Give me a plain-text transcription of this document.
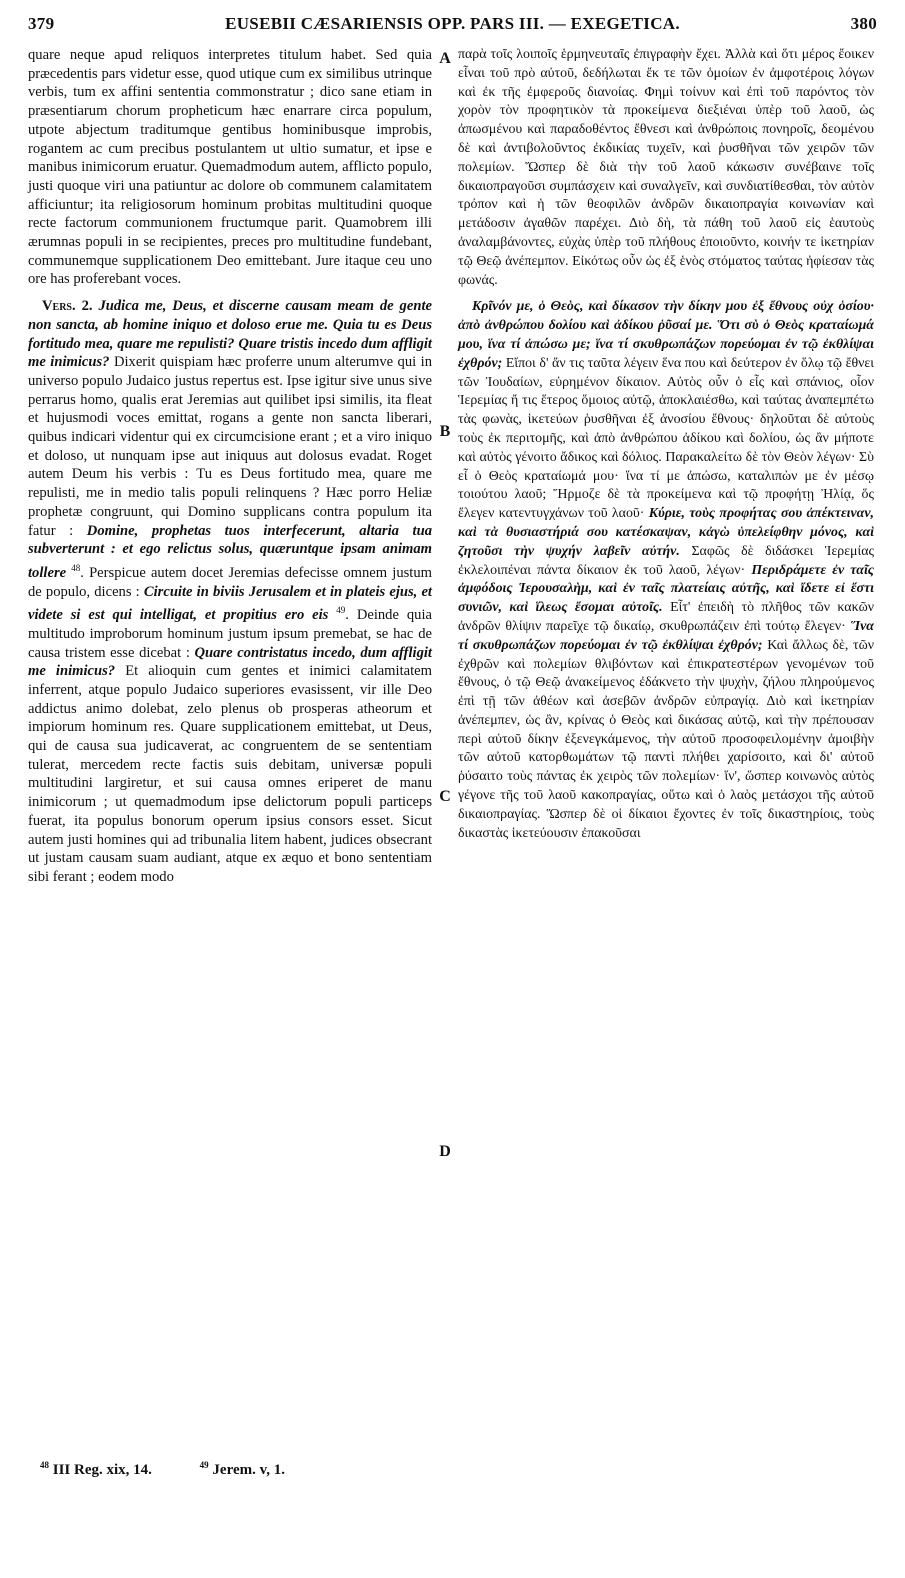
379	EUSEBII CÆSARIENSIS OPP. PARS III. — EXEGETICA.	380
A
B
C
D

quare neque apud reliquos interpretes titulum habet. Sed quia præcedentis pars videtur esse, quod utique cum ex similibus utrinque verbis, tum ex affini sententia commonstratur ; dico sane etiam in præsentiarum chorum propheticum hæc enarrare circa populum, utpote abjectum traditumque gentibus hominibusque improbis, rogantem ac cum precibus postulantem ut ultio sumatur, et ipse e manibus inimicorum eruatur. Quemadmodum autem, afflicto populo, justi quoque viri una patiuntur ac dolore ob communem calamitatem afficiuntur; ita religiosorum hominum probitas multitudini quoque recte factorum communionem fructumque parit. Quamobrem illi ærumnas populi in se recipientes, preces pro multitudine fundebant, communemque supplicationem Deo emittebant. Jure itaque ceu uno ore has proferebant voces.

Vers. 2. Judica me, Deus, et discerne causam meam de gente non sancta, ab homine iniquo et doloso erue me. Quia tu es Deus fortitudo mea, quare me repulisti? Quare tristis incedo dum affligit me inimicus? Dixerit quispiam hæc proferre unum alterumve qui in universo populo Judaico justus repertus est. Ipse igitur sive unus sive perrarus homo, qualis erat Jeremias aut quilibet ipsi similis, ita fleat et hujusmodi voces emittat, rogans a gente non sancta liberari, quibus indicari videntur qui ex circumcisione erant ; et a viro iniquo et doloso, ut nunquam ipse aut iniquus aut dolosus evadat. Roget autem Deum his verbis : Tu es Deus fortitudo mea, quare me repulisti, me in medio talis populi relinquens ? Hæc porro Heliæ prophetæ congruunt, qui Domino supplicans contra populum ita fatur : Domine, prophetas tuos interfecerunt, altaria tua subverterunt : et ego relictus solus, quæruntque ipsam animam tollere $^{48}$. Perspicue autem docet Jeremias defecisse omnem justum de populo, dicens : Circuite in biviis Jerusalem et in plateis ejus, et videte si est qui intelligat, et propitius ero eis $^{49}$. Deinde quia multitudo improborum hominum justum ipsum premebat, se hac de causa tristem esse dicebat : Quare contristatus incedo, dum affligit me inimicus? Et alioquin cum gentes et inimici calamitatem inferrent, atque populo Judaico superiores evasissent, vir ille Deo addictus animo dolebat, zelo plenus ob prosperas atheorum et impiorum hominum res. Quare supplicationem emittebat, ut Deus, qui de causa sua judicaverat, ac congruentem de se sententiam tulerat, mercedem recte factis suis debitam, universæ populi multitudini largiretur, et sui causa omnes eriperet de manu inimicorum ; ut quemadmodum ipse delictorum populi particeps fuerat, ita populus bonorum operum ipsius consors esset. Sicut autem justi homines qui ad tribunalia litem habent, judices obsecrant ut justam causam suam audiant, atque ex æquo et bono sententiam sibi ferant ; eodem modo

παρὰ τοῖς λοιποῖς ἑρμηνευταῖς ἐπιγραφὴν ἔχει. Ἀλλὰ καὶ ὅτι μέρος ἔοικεν εἶναι τοῦ πρὸ αὐτοῦ, δεδήλωται ἔκ τε τῶν ὁμοίων ἐν ἀμφοτέροις λόγων καὶ ἐκ τῆς ἐμφεροῦς διανοίας. Φημὶ τοίνυν καὶ ἐπὶ τοῦ παρόντος τὸν χορὸν τὸν προφητικὸν τὰ προκείμενα διεξιέναι ὑπὲρ τοῦ λαοῦ, ὡς ἀπωσμένου καὶ παραδοθέντος ἔθνεσι καὶ ἀνθρώποις πονηροῖς, δεομένου δὲ καὶ ἀντιβολοῦντος ἐκδικίας τυχεῖν, καὶ ῥυσθῆναι τῶν χειρῶν τῶν πολεμίων. Ὥσπερ δὲ διὰ τὴν τοῦ λαοῦ κάκωσιν συνέβαινε τοῖς δικαιοπραγοῦσι συμπάσχειν καὶ συναλγεῖν, καὶ συνδιατίθεσθαι, τὸν αὐτὸν τρόπον καὶ ἡ τῶν θεοφιλῶν ἀνδρῶν δικαιοπραγία κοινωνίαν καὶ μετάδοσιν ἀγαθῶν παρέχει. Διὸ δὴ, τὰ πάθη τοῦ λαοῦ εἰς ἑαυτοὺς ἀναλαμβάνοντες, εὐχὰς ὑπὲρ τοῦ πλήθους ἐποιοῦντο, κοινήν τε ἱκετηρίαν τῷ Θεῷ ἀνέπεμπον. Εἰκότως οὖν ὡς ἐξ ἑνὸς στόματος ταύτας ἠφίεσαν τὰς φωνάς.

Κρῖνόν με, ὁ Θεὸς, καὶ δίκασον τὴν δίκην μου ἐξ ἔθνους οὐχ ὁσίου· ἀπὸ ἀνθρώπου δολίου καὶ ἀδίκου ῥῦσαί με. Ὅτι σὺ ὁ Θεὸς κραταίωμά μου, ἵνα τί ἀπώσω με; ἵνα τί σκυθρωπάζων πορεύομαι ἐν τῷ ἐκθλίψαι ἐχθρόν; Εἴποι δ' ἄν τις ταῦτα λέγειν ἕνα που καὶ δεύτερον ἐν ὅλῳ τῷ ἔθνει τῶν Ἰουδαίων, εὑρημένον δίκαιον. Αὐτὸς οὖν ὁ εἷς καὶ σπάνιος, οἷον Ἱερεμίας ἤ τις ἕτερος ὅμοιος αὐτῷ, ἀποκλαιέσθω, καὶ ταύτας ἀναπεμπέτω τὰς φωνὰς, ἱκετεύων ῥυσθῆναι ἐξ ἀνοσίου ἔθνους· δηλοῦται δὲ αὐτοὺς τοὺς ἐκ περιτομῆς, καὶ ἀπὸ ἀνθρώπου ἀδίκου καὶ δολίου, ὡς ἂν μήποτε καὶ αὐτὸς γένοιτο ἄδικος καὶ δόλιος. Παρακαλείτω δὲ τὸν Θεὸν λέγων· Σὺ εἶ ὁ Θεὸς κραταίωμά μου· ἵνα τί με ἀπώσω, καταλιπὼν με ἐν μέσῳ τοιούτου λαοῦ; Ἥρμοζε δὲ τὰ προκείμενα καὶ τῷ προφήτῃ Ἠλίᾳ, ὅς ἔλεγεν κατεντυγχάνων τοῦ λαοῦ· Κύριε, τοὺς προφήτας σου ἀπέκτειναν, καὶ τὰ θυσιαστήριά σου κατέσκαψαν, κἀγὼ ὑπελείφθην μόνος, καὶ ζητοῦσι τὴν ψυχήν λαβεῖν αὐτήν. Σαφῶς δὲ διδάσκει Ἱερεμίας ἐκλελοιπέναι πάντα δίκαιον ἐκ τοῦ λαοῦ, λέγων· Περιδράμετε ἐν ταῖς ἀμφόδοις Ἱερουσαλὴμ, καὶ ἐν ταῖς πλατείαις αὐτῆς, καὶ ἴδετε εἰ ἔστι συνιῶν, καὶ ἵλεως ἔσομαι αὐτοῖς. Εἶτ' ἐπειδὴ τὸ πλῆθος τῶν κακῶν ἀνδρῶν θλίψιν παρεῖχε τῷ δικαίῳ, σκυθρωπάζειν ἐπὶ τούτῳ ἔλεγεν· Ἵνα τί σκυθρωπάζων πορεύομαι ἐν τῷ ἐκθλίψαι ἐχθρόν; Καὶ ἄλλως δὲ, τῶν ἐχθρῶν καὶ πολεμίων θλιβόντων καὶ ἐπικρατεστέρων γενομένων τοῦ ἔθνους, ὁ τῷ Θεῷ ἀνακείμενος ἐδάκνετο τὴν ψυχὴν, ζήλου πληρούμενος ἐπὶ τῇ τῶν ἀθέων καὶ ἀσεβῶν ἀνδρῶν εὐπραγίᾳ. Διὸ καὶ ἱκετηρίαν ἀνέπεμπεν, ὡς ἂν, κρίνας ὁ Θεὸς καὶ δικάσας αὐτῷ, καὶ τὴν πρέπουσαν περὶ αὐτοῦ δίκην ἐξενεγκάμενος, τὴν αὐτοῦ προσοφειλομένην ἀμοιβὴν τῶν αὐτοῦ κατορθωμάτων τῷ παντὶ πλήθει χαρίσοιτο, καὶ δι' αὐτοῦ ῥύσαιτο τοὺς πάντας ἐκ χειρὸς τῶν πολεμίων· ἵν', ὥσπερ κοινωνὸς αὐτὸς γέγονε τῆς τοῦ λαοῦ κακοπραγίας, οὕτω καὶ ὁ λαὸς μετάσχοι τῆς αὐτοῦ δικαιοπραγίας. Ὥσπερ δὲ οἱ δίκαιοι ἔχοντες ἐν τοῖς δικαστηρίοις, τοὺς δικαστὰς ἱκετεύουσιν ἐπακοῦσαι

$^{48}$ III Reg. xix, 14.	$^{49}$ Jerem. v, 1.
